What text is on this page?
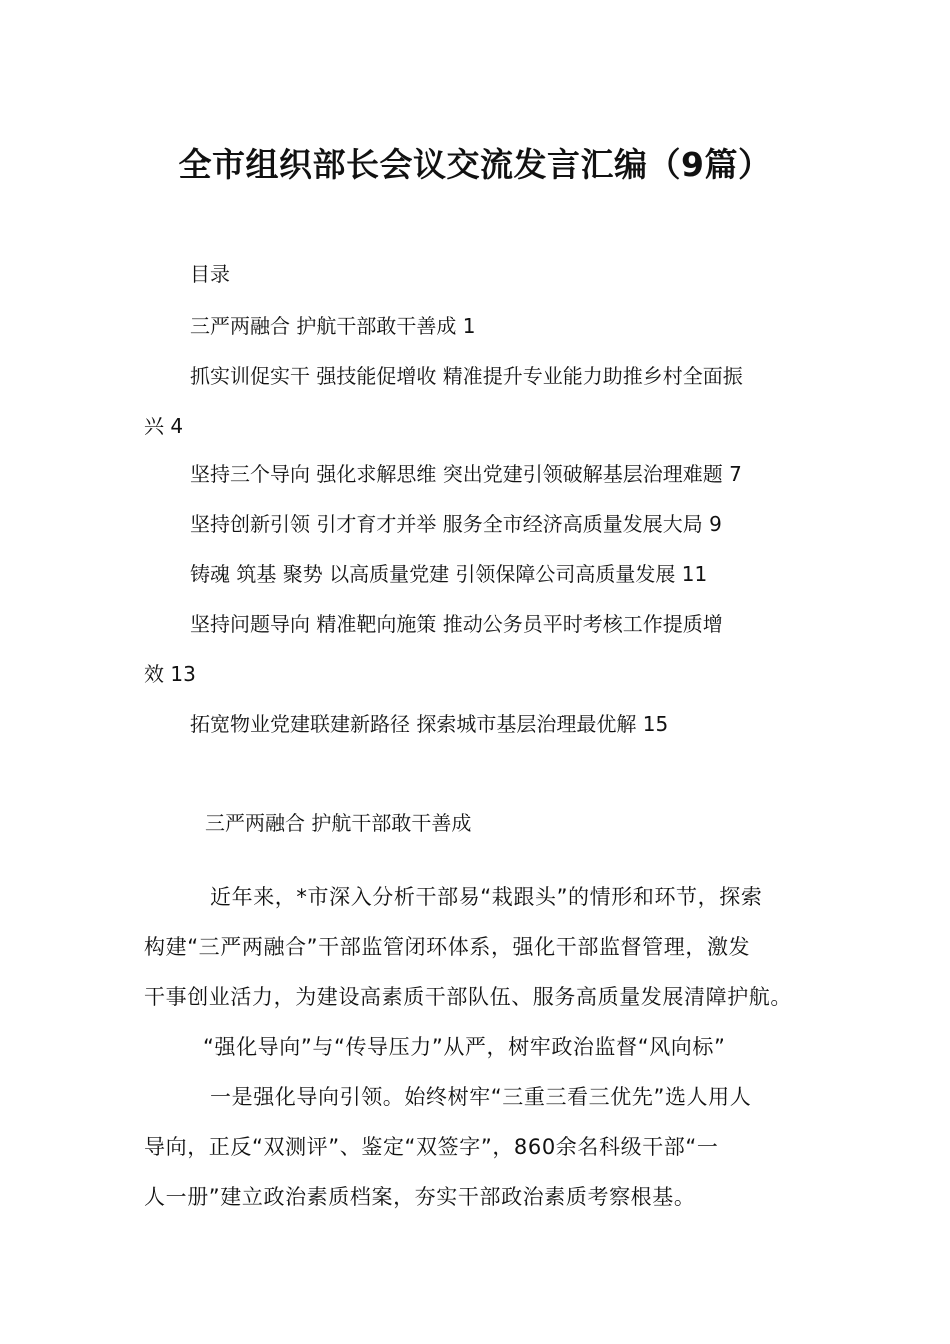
全市组织部长会议交流发言汇编（9篇）
目录
三严两融合 护航干部敢干善成 1
抓实训促实干 强技能促增收 精准提升专业能力助推乡村全面振
兴 4
坚持三个导向 强化求解思维 突出党建引领破解基层治理难题 7
坚持创新引领 引才育才并举 服务全市经济高质量发展大局 9
铸魂 筑基 聚势 以高质量党建 引领保障公司高质量发展 11
坚持问题导向 精准靶向施策 推动公务员平时考核工作提质增
效 13
拓宽物业党建联建新路径 探索城市基层治理最优解 15
三严两融合 护航干部敢干善成
近年来，*市深入分析干部易“栽跟头”的情形和环节，探索
构建“三严两融合”干部监管闭环体系，强化干部监督管理，激发
干事创业活力，为建设高素质干部队伍、服务高质量发展清障护航。
“强化导向”与“传导压力”从严，树牢政治监督“风向标”
一是强化导向引领。始终树牢“三重三看三优先”选人用人
导向，正反“双测评”、鉴定“双签字”，860余名科级干部“一
人一册”建立政治素质档案，夯实干部政治素质考察根基。
